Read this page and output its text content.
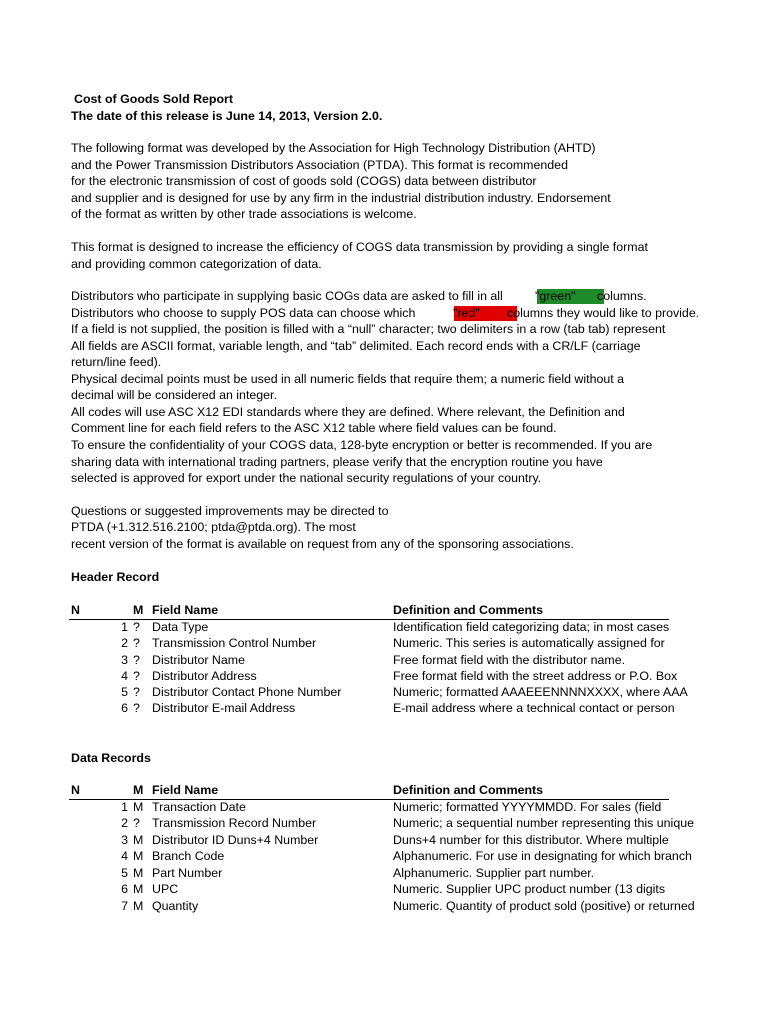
Cost of Goods Sold Report
The date of this release is June 14, 2013, Version 2.0.
The following format was developed by the Association for High Technology Distribution (AHTD)
and the Power Transmission Distributors Association (PTDA). This format is recommended
for the electronic transmission of cost of goods sold (COGS) data between distributor
and supplier and is designed for use by any firm in the industrial distribution industry. Endorsement
of the format as written by other trade associations is welcome.
This format is designed to increase the efficiency of COGS data transmission by providing a single format
and providing common categorization of data.
Distributors who participate in supplying basic COGs data are asked to fill in all	"green" columns.
Distributors who choose to supply POS data can choose which	"red" columns they would like to provide.
If a field is not supplied, the position is filled with a “null” character; two delimiters in a row (tab tab) represent
All fields are ASCII format, variable length, and “tab” delimited. Each record ends with a CR/LF (carriage
return/line feed).
Physical decimal points must be used in all numeric fields that require them; a numeric field without a
decimal will be considered an integer.
All codes will use ASC X12 EDI standards where they are defined. Where relevant, the Definition and
Comment line for each field refers to the ASC X12 table where field values can be found.
To ensure the confidentiality of your COGS data, 128-byte encryption or better is recommended. If you are
sharing data with international trading partners, please verify that the encryption routine you have
selected is approved for export under the national security regulations of your country.
Questions or suggested improvements may be directed to
PTDA (+1.312.516.2100; ptda@ptda.org). The most
recent version of the format is available on request from any of the sponsoring associations.
Header Record
N	M Field Name	Definition and Comments
1 ? Data Type	Identification field categorizing data; in most cases
2 ? Transmission Control Number	Numeric. This series is automatically assigned for
3 ? Distributor Name	Free format field with the distributor name.
4 ? Distributor Address	Free format field with the street address or P.O. Box
5 ? Distributor Contact Phone Number	Numeric; formatted AAAEEENNNNXXXX, where AAA
6 ? Distributor E-mail Address	E-mail address where a technical contact or person
Data Records
N	M Field Name	Definition and Comments
1 M Transaction Date	Numeric; formatted YYYYMMDD. For sales (field
2 ? Transmission Record Number	Numeric; a sequential number representing this unique
3 M Distributor ID Duns+4 Number	Duns+4 number for this distributor. Where multiple
4 M Branch Code	Alphanumeric. For use in designating for which branch
5 M Part Number	Alphanumeric. Supplier part number.
6 M UPC	Numeric. Supplier UPC product number (13 digits
7 M Quantity	Numeric. Quantity of product sold (positive) or returned
